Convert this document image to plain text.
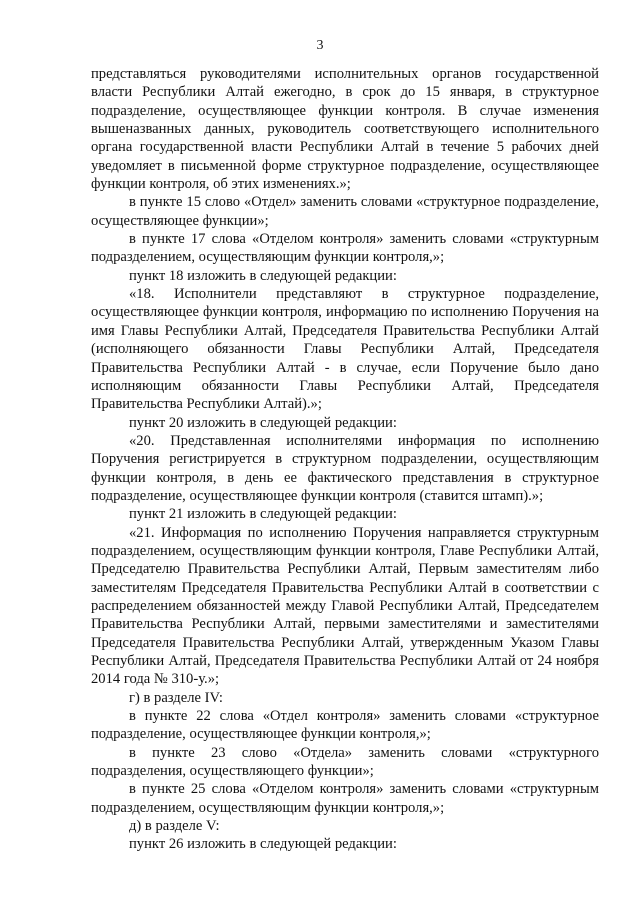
3

представляться руководителями исполнительных органов государственной власти Республики Алтай ежегодно, в срок до 15 января, в структурное подразделение, осуществляющее функции контроля. В случае изменения вышеназванных данных, руководитель соответствующего исполнительного органа государственной власти Республики Алтай в течение 5 рабочих дней уведомляет в письменной форме структурное подразделение, осуществляющее функции контроля, об этих изменениях.»;

в пункте 15 слово «Отдел» заменить словами «структурное подразделение, осуществляющее функции»;

в пункте 17 слова «Отделом контроля» заменить словами «структурным подразделением, осуществляющим функции контроля,»;

пункт 18 изложить в следующей редакции:

«18. Исполнители представляют в структурное подразделение, осуществляющее функции контроля, информацию по исполнению Поручения на имя Главы Республики Алтай, Председателя Правительства Республики Алтай (исполняющего обязанности Главы Республики Алтай, Председателя Правительства Республики Алтай - в случае, если Поручение было дано исполняющим обязанности Главы Республики Алтай, Председателя Правительства Республики Алтай).»;

пункт 20 изложить в следующей редакции:

«20. Представленная исполнителями информация по исполнению Поручения регистрируется в структурном подразделении, осуществляющим функции контроля, в день ее фактического представления в структурное подразделение, осуществляющее функции контроля (ставится штамп).»;

пункт 21 изложить в следующей редакции:

«21. Информация по исполнению Поручения направляется структурным подразделением, осуществляющим функции контроля, Главе Республики Алтай, Председателю Правительства Республики Алтай, Первым заместителям либо заместителям Председателя Правительства Республики Алтай в соответствии с распределением обязанностей между Главой Республики Алтай, Председателем Правительства Республики Алтай, первыми заместителями и заместителями Председателя Правительства Республики Алтай, утвержденным Указом Главы Республики Алтай, Председателя Правительства Республики Алтай от 24 ноября 2014 года № 310-у.»;

г) в разделе IV:

в пункте 22 слова «Отдел контроля» заменить словами «структурное подразделение, осуществляющее функции контроля,»;

в пункте 23 слово «Отдела» заменить словами «структурного подразделения, осуществляющего функции»;

в пункте 25 слова «Отделом контроля» заменить словами «структурным подразделением, осуществляющим функции контроля,»;

д) в разделе V:

пункт 26 изложить в следующей редакции:
